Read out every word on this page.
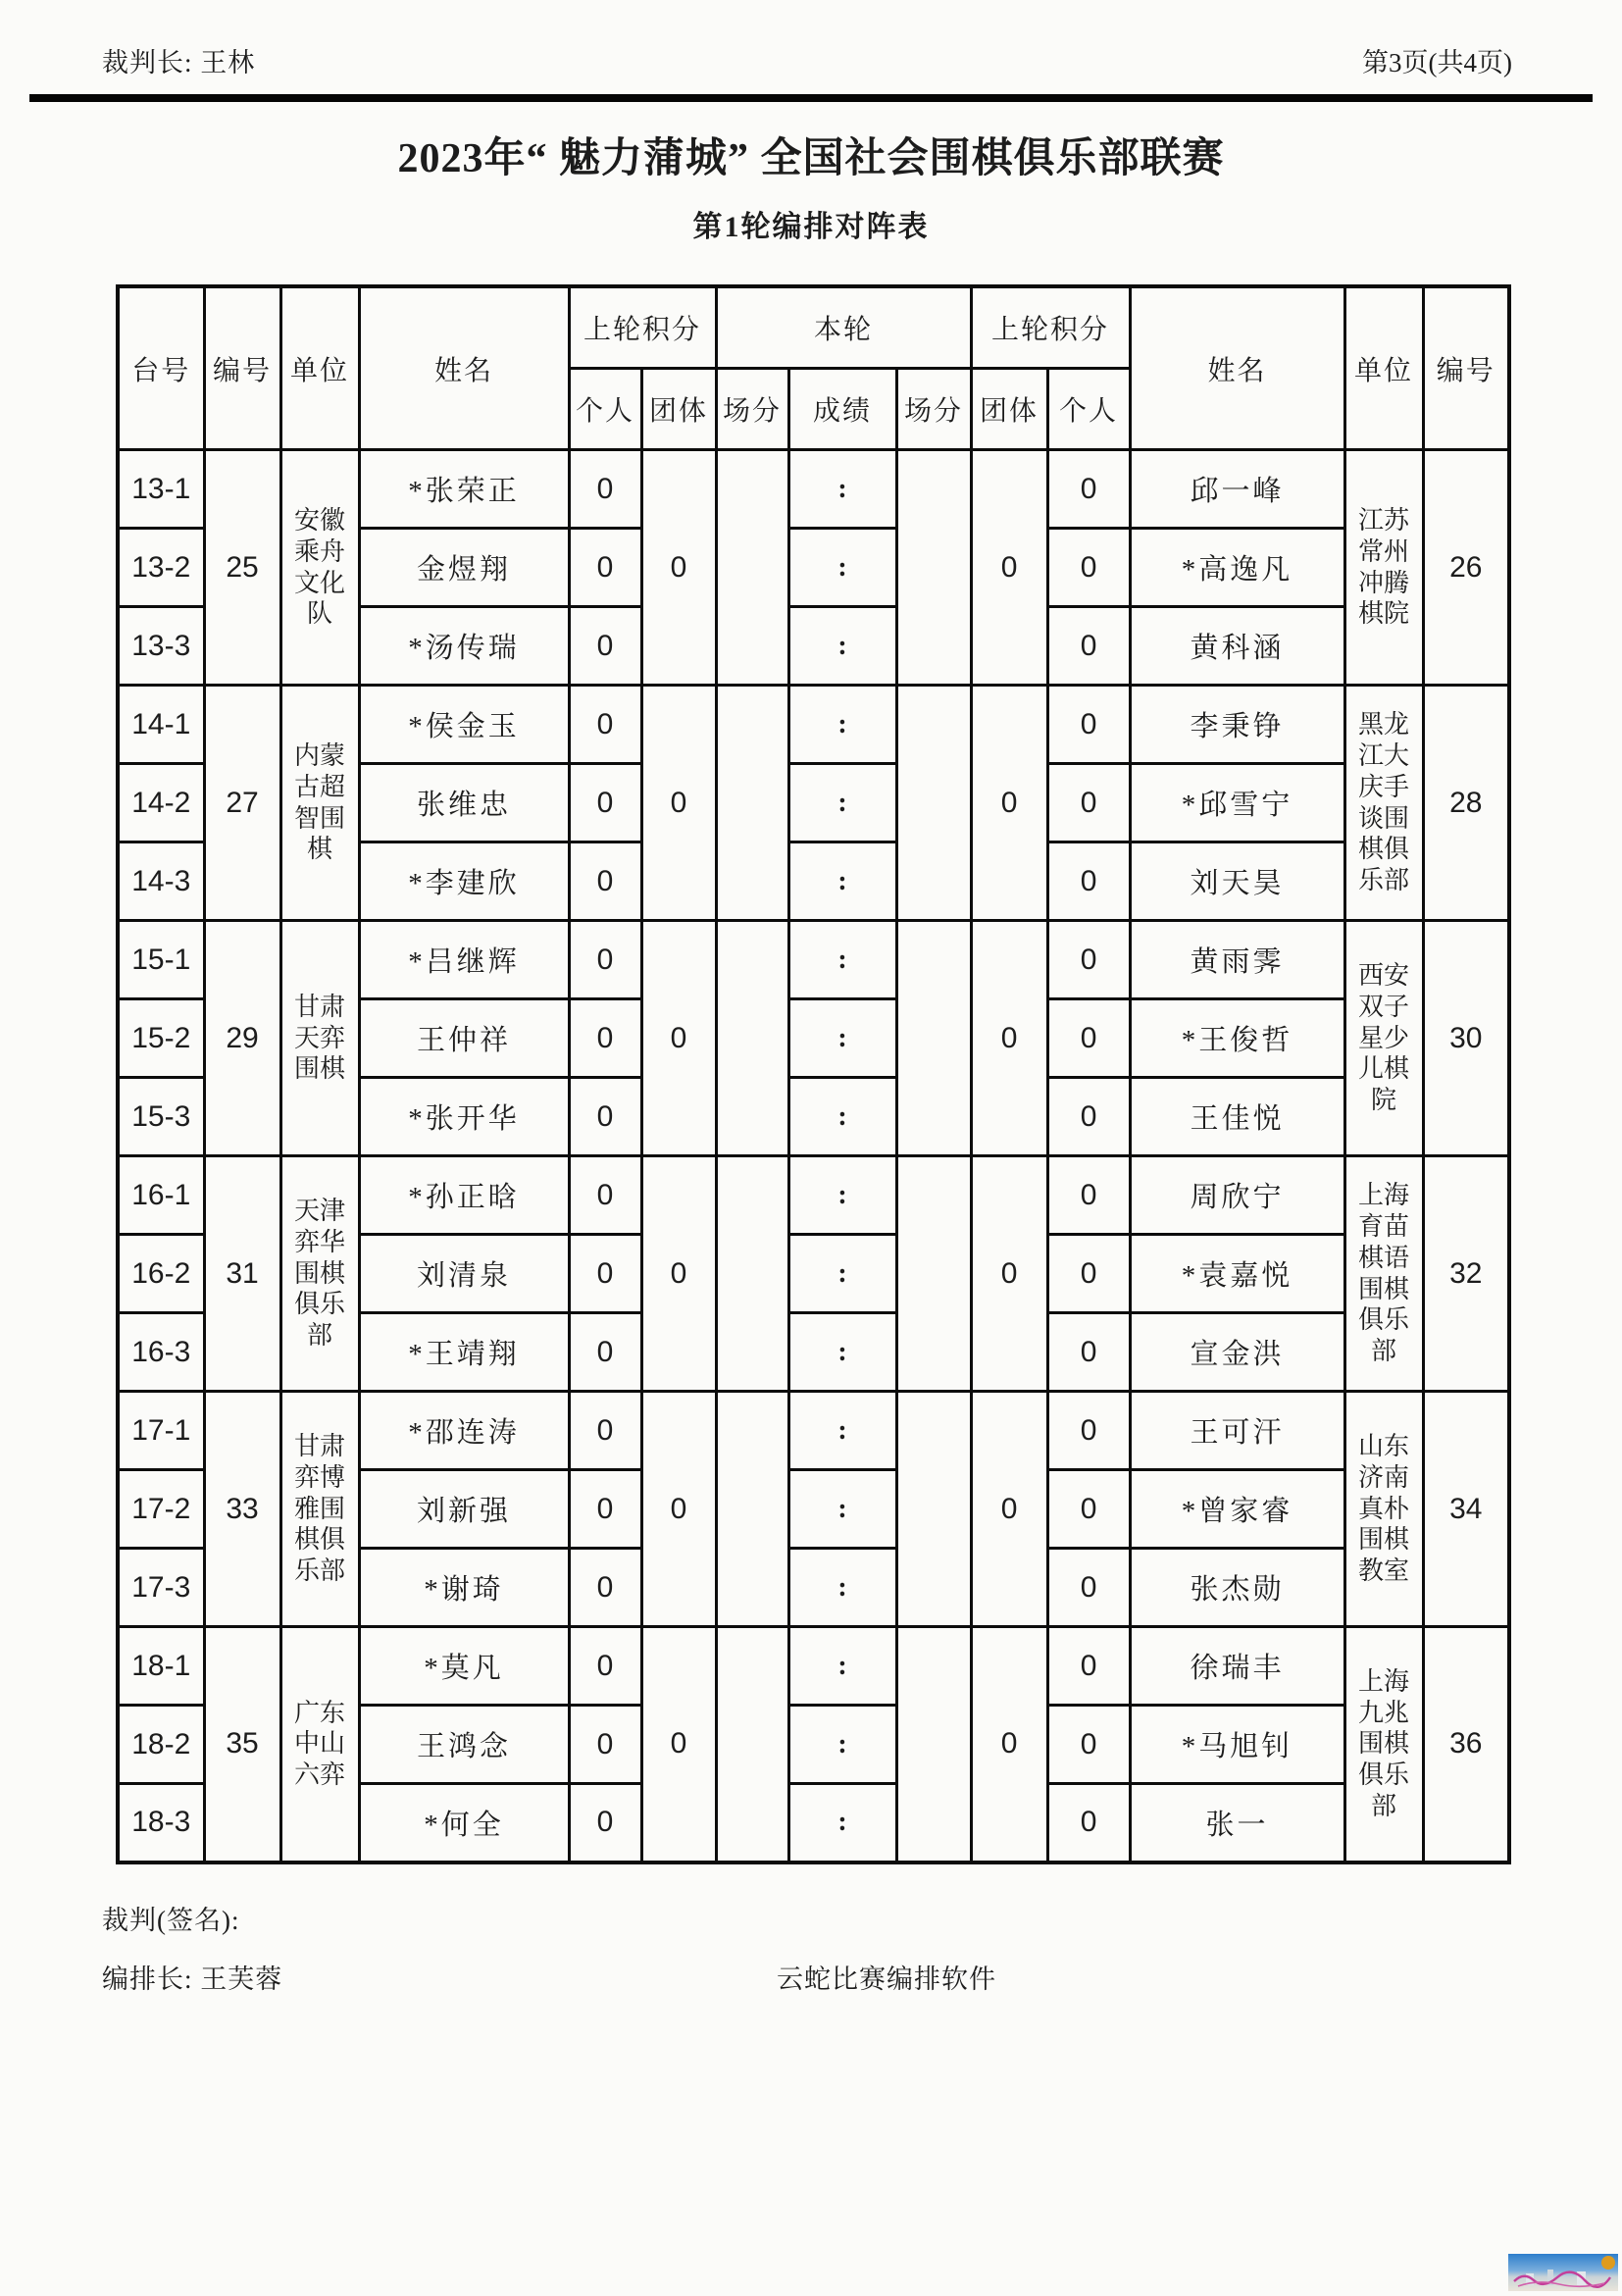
裁判长: 王林	第3页(共4页)
2023年“ 魅力蒲城” 全国社会围棋俱乐部联赛
第1轮编排对阵表
台号	编号	单位	姓名	上轮积分		本轮			上轮积分		姓名	单位	编号
				个人	团体	场分	成绩	场分	团体	个人			
13-1	25	安徽乘舟文化队	*张荣正	0	0		:		0	0	邱一峰	江苏常州冲腾棋院	26
13-2			金煜翔	0			:			0	*高逸凡		
13-3			*汤传瑞	0			:			0	黄科涵		
14-1	27	内蒙古超智围棋	*侯金玉	0	0		:		0	0	李秉铮	黑龙江大庆手谈围棋俱乐部	28
14-2			张维忠	0			:			0	*邱雪宁		
14-3			*李建欣	0			:			0	刘天昊		
15-1	29	甘肃天弈围棋	*吕继辉	0	0		:		0	0	黄雨霁	西安双子星少儿棋院	30
15-2			王仲祥	0			:			0	*王俊哲		
15-3			*张开华	0			:			0	王佳悦		
16-1	31	天津弈华围棋俱乐部	*孙正晗	0	0		:		0	0	周欣宁	上海育苗棋语围棋俱乐部	32
16-2			刘清泉	0			:			0	*袁嘉悦		
16-3			*王靖翔	0			:			0	宣金洪		
17-1	33	甘肃弈博雅围棋俱乐部	*邵连涛	0	0		:		0	0	王可汗	山东济南真朴围棋教室	34
17-2			刘新强	0			:			0	*曾家睿		
17-3			*谢琦	0			:			0	张杰勋		
18-1	35	广东中山六弈	*莫凡	0	0		:		0	0	徐瑞丰	上海九兆围棋俱乐部	36
18-2			王鸿念	0			:			0	*马旭钊		
18-3			*何全	0			:			0	张一		
裁判(签名):
编排长: 王芙蓉	云蛇比赛编排软件
